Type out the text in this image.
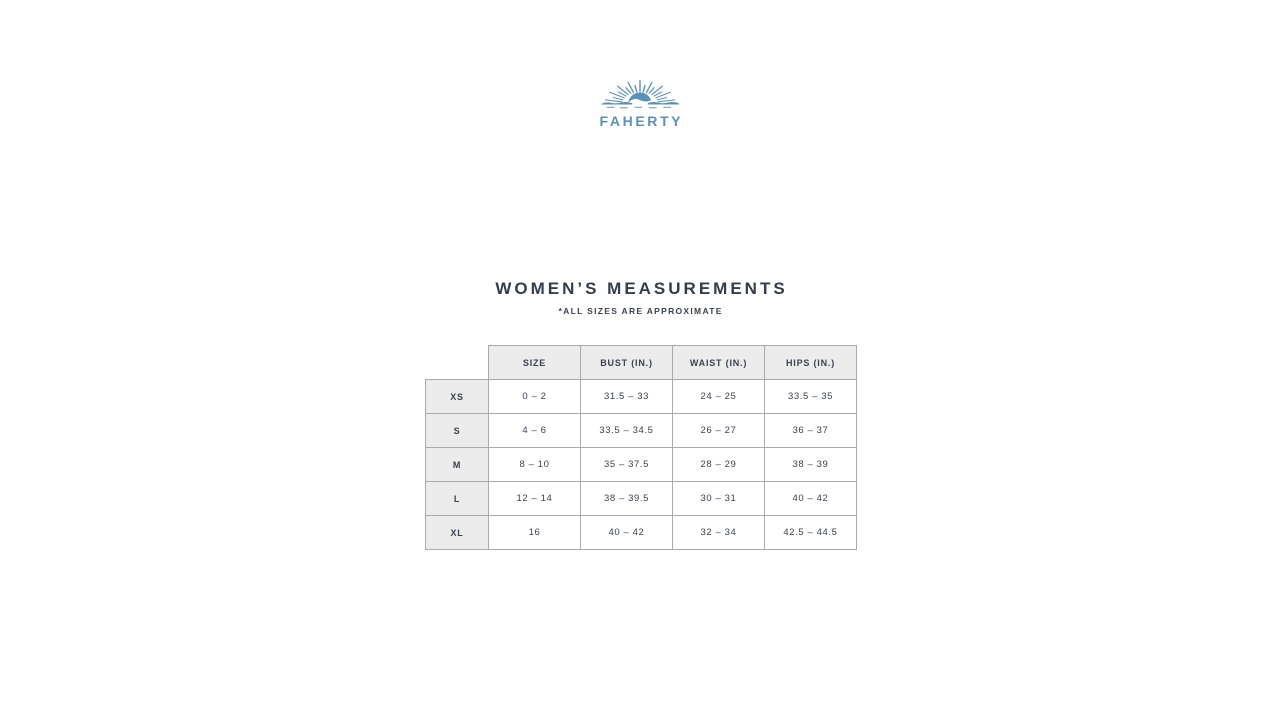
FAHERTY
WOMEN’S MEASUREMENTS

*ALL SIZES ARE APPROXIMATE

	SIZE	BUST (IN.)	WAIST (IN.)	HIPS (IN.)
XS	0 – 2	31.5 – 33	24 – 25	33.5 – 35
S	4 – 6	33.5 – 34.5	26 – 27	36 – 37
M	8 – 10	35 – 37.5	28 – 29	38 – 39
L	12 – 14	38 – 39.5	30 – 31	40 – 42
XL	16	40 – 42	32 – 34	42.5 – 44.5
